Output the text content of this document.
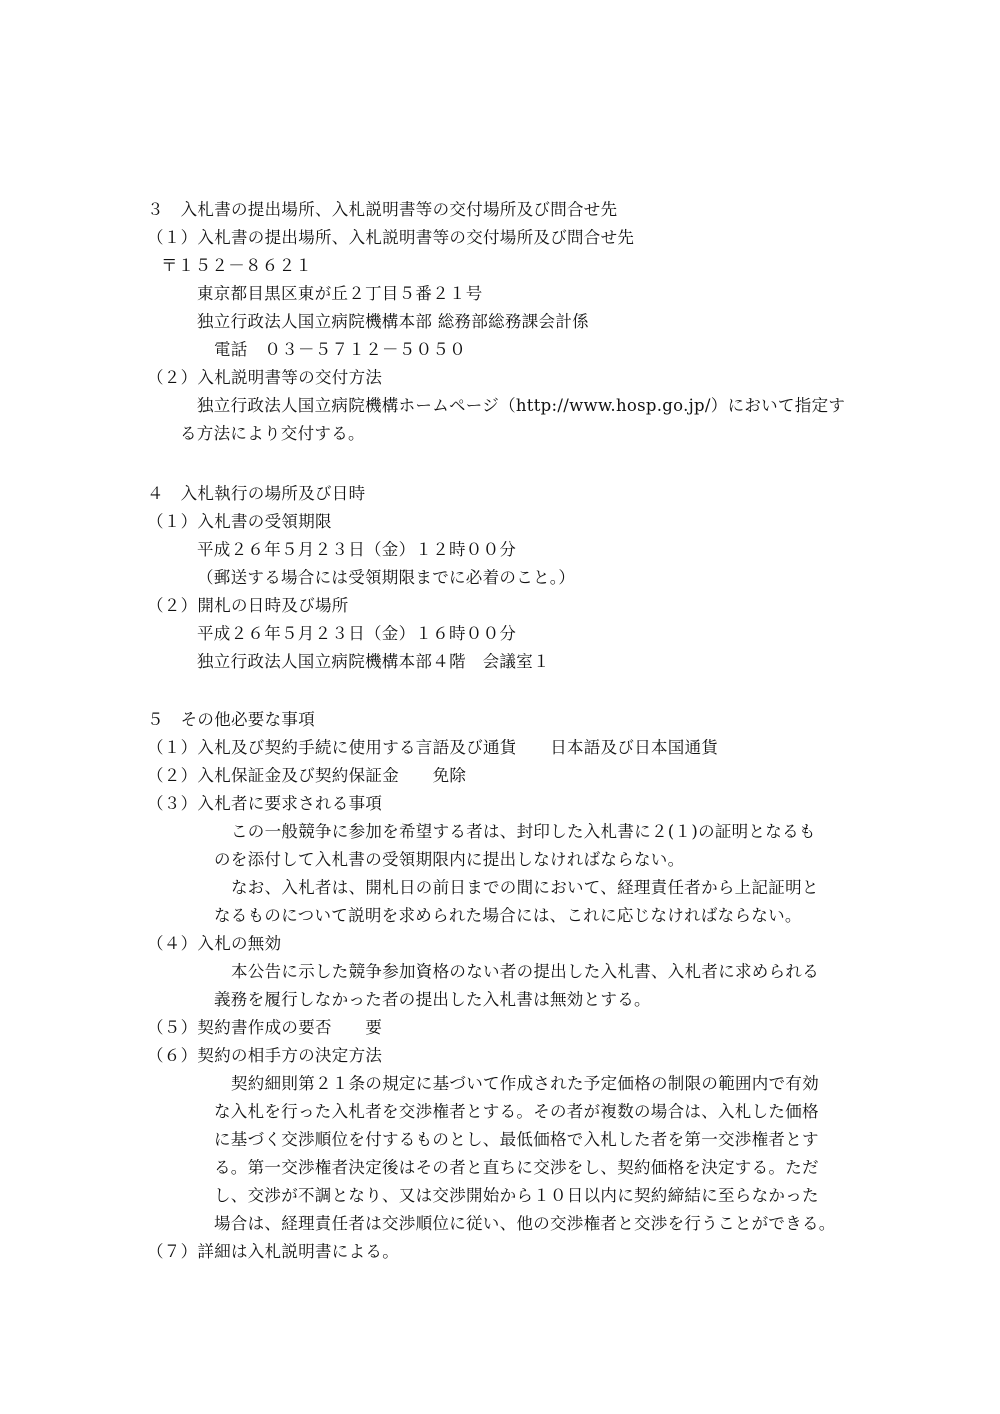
３　入札書の提出場所、入札説明書等の交付場所及び問合せ先
（１）入札書の提出場所、入札説明書等の交付場所及び問合せ先
〒１５２－８６２１
東京都目黒区東が丘２丁目５番２１号
独立行政法人国立病院機構本部 総務部総務課会計係
電話　０３－５７１２－５０５０
（２）入札説明書等の交付方法
独立行政法人国立病院機構ホームページ（http://www.hosp.go.jp/）において指定す
る方法により交付する。
４　入札執行の場所及び日時
（１）入札書の受領期限
平成２６年５月２３日（金）１２時００分
（郵送する場合には受領期限までに必着のこと。）
（２）開札の日時及び場所
平成２６年５月２３日（金）１６時００分
独立行政法人国立病院機構本部４階　会議室１
５　その他必要な事項
（１）入札及び契約手続に使用する言語及び通貨　　日本語及び日本国通貨
（２）入札保証金及び契約保証金　　免除
（３）入札者に要求される事項
この一般競争に参加を希望する者は、封印した入札書に２(１)の証明となるも
のを添付して入札書の受領期限内に提出しなければならない。
なお、入札者は、開札日の前日までの間において、経理責任者から上記証明と
なるものについて説明を求められた場合には、これに応じなければならない。
（４）入札の無効
本公告に示した競争参加資格のない者の提出した入札書、入札者に求められる
義務を履行しなかった者の提出した入札書は無効とする。
（５）契約書作成の要否　　要
（６）契約の相手方の決定方法
契約細則第２１条の規定に基づいて作成された予定価格の制限の範囲内で有効
な入札を行った入札者を交渉権者とする。その者が複数の場合は、入札した価格
に基づく交渉順位を付するものとし、最低価格で入札した者を第一交渉権者とす
る。第一交渉権者決定後はその者と直ちに交渉をし、契約価格を決定する。ただ
し、交渉が不調となり、又は交渉開始から１０日以内に契約締結に至らなかった
場合は、経理責任者は交渉順位に従い、他の交渉権者と交渉を行うことができる。
（７）詳細は入札説明書による。
